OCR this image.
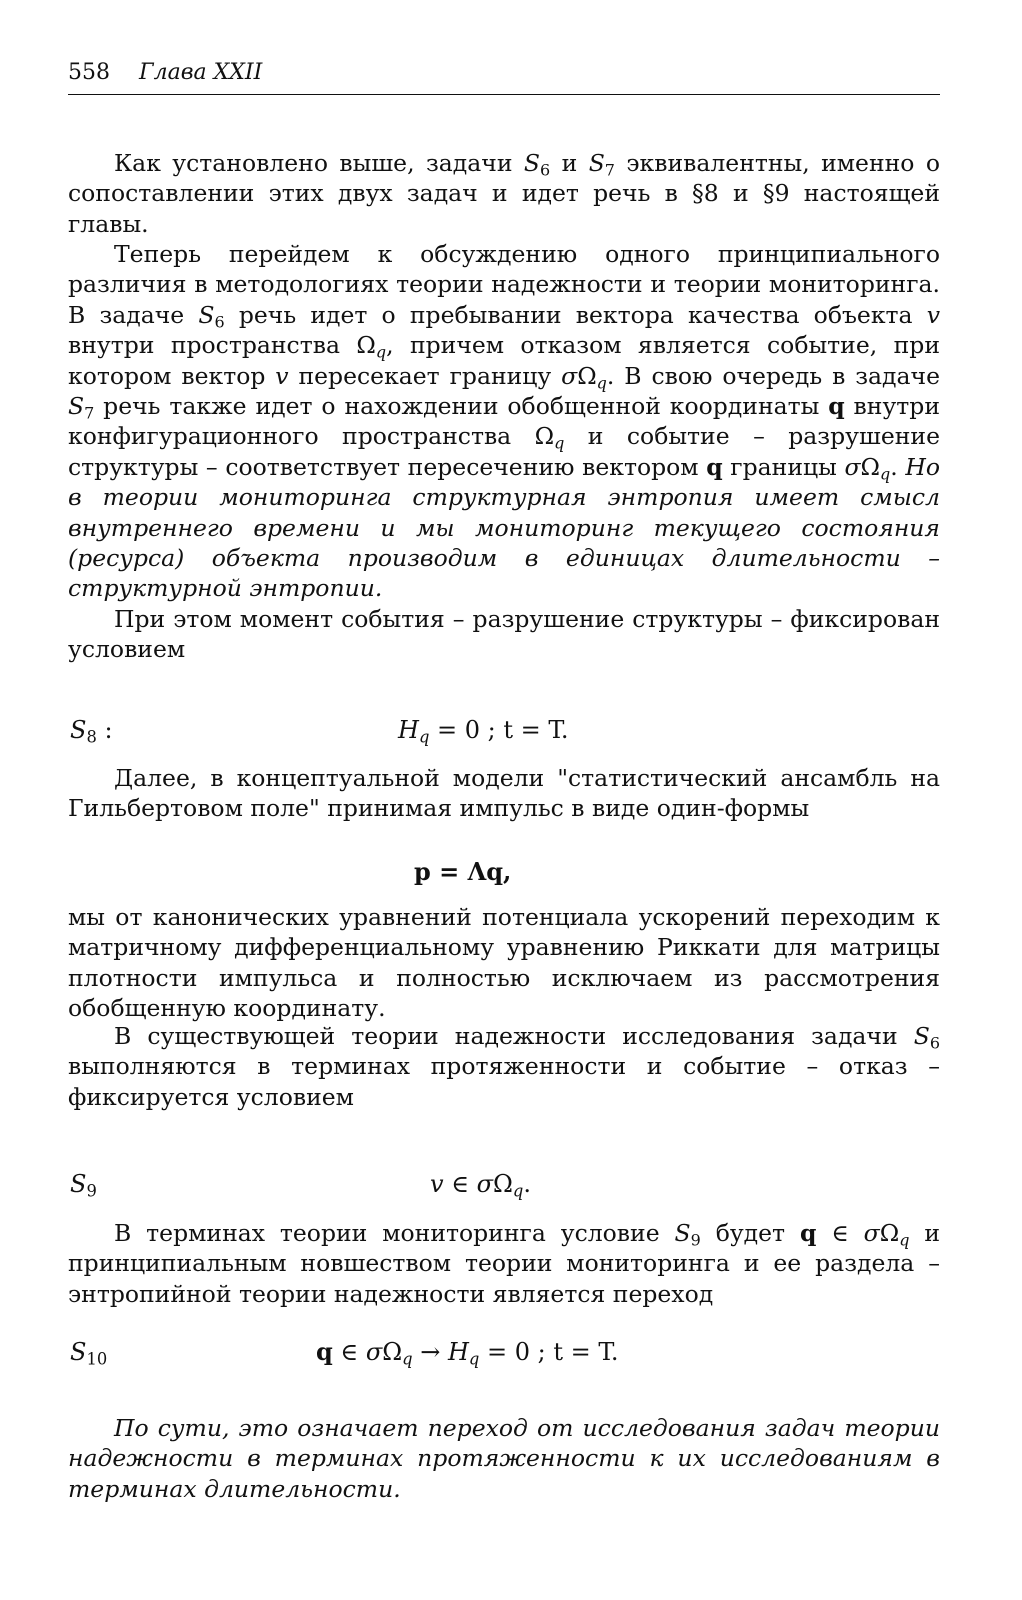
558 Глава XXII

Как установлено выше, задачи $S_6$ и $S_7$ эквивалентны, именно о сопоставлении этих двух задач и идет речь в §8 и §9 настоящей главы.

Теперь перейдем к обсуждению одного принципиального различия в методологиях теории надежности и теории мониторинга. В задаче $S_6$ речь идет о пребывании вектора качества объекта v внутри пространства $\Omega_q$, причем отказом является событие, при котором вектор v пересекает границу $\sigma\Omega_q$. В свою очередь в задаче $S_7$ речь также идет о нахождении обобщенной координаты q внутри конфигурационного пространства $\Omega_q$ и событие – разрушение структуры – соответствует пересечению вектором q границы $\sigma\Omega_q$. Но в теории мониторинга структурная энтропия имеет смысл внутреннего времени и мы мониторинг текущего состояния (ресурса) объекта производим в единицах длительности – структурной энтропии.

При этом момент события – разрушение структуры – фиксирован условием

$S_8$ :	$H_q = 0$ ; t = T.

Далее, в концептуальной модели "статистический ансамбль на Гильбертовом поле" принимая импульс в виде один-формы

p = Λq,

мы от канонических уравнений потенциала ускорений переходим к матричному дифференциальному уравнению Риккати для матрицы плотности импульса и полностью исключаем из рассмотрения обобщенную координату.

В существующей теории надежности исследования задачи $S_6$ выполняются в терминах протяженности и событие – отказ – фиксируется условием

$S_9$	v ∈ $\sigma\Omega_q$.

В терминах теории мониторинга условие $S_9$ будет q ∈ $\sigma\Omega_q$ и принципиальным новшеством теории мониторинга и ее раздела – энтропийной теории надежности является переход

$S_{10}$	q ∈ $\sigma\Omega_q \to H_q = 0$ ; t = T.

По сути, это означает переход от исследования задач теории надежности в терминах протяженности к их исследованиям в терминах длительности.
